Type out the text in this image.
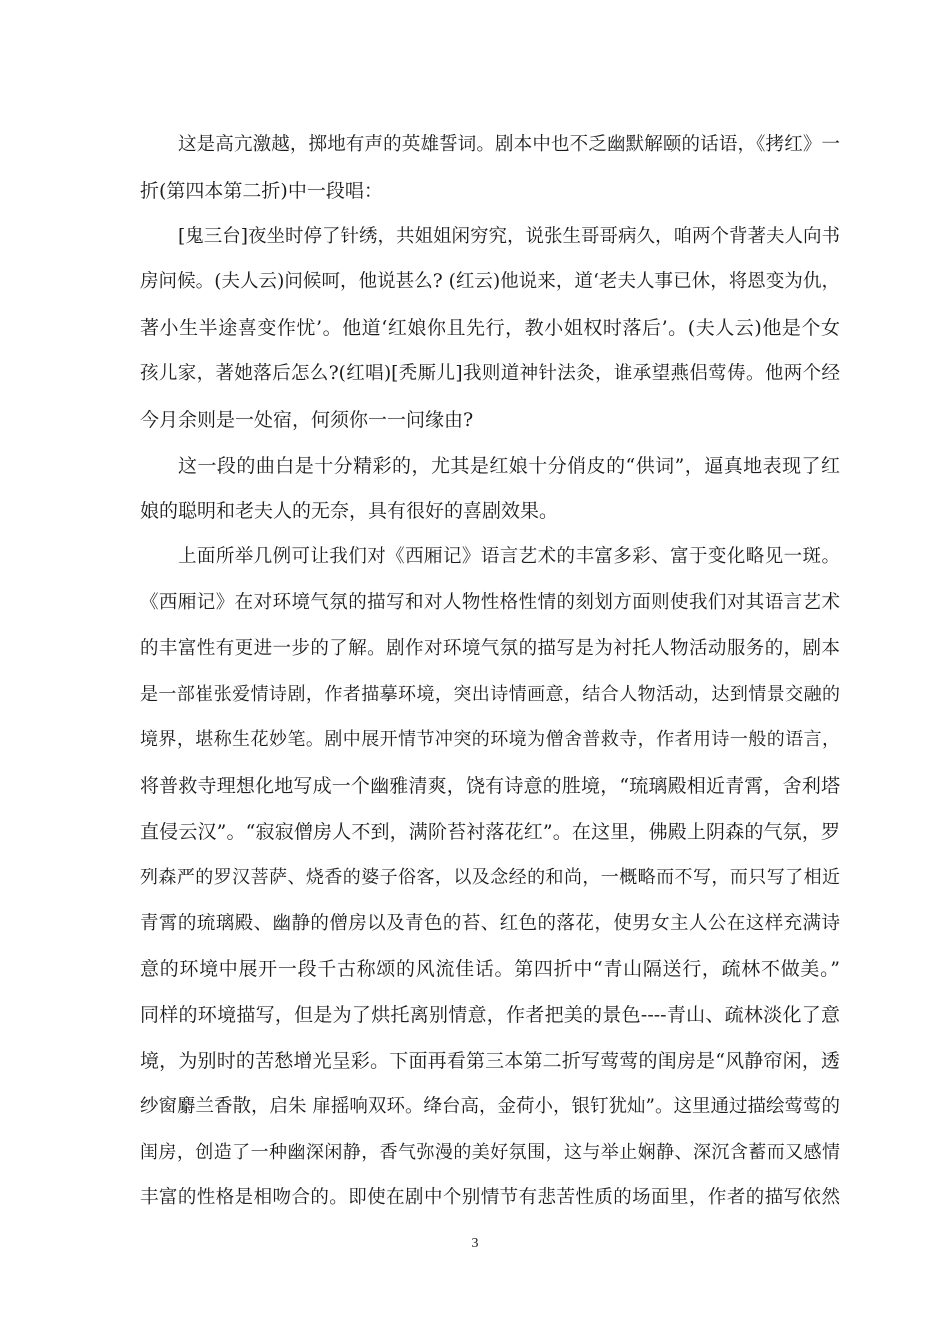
这是高亢激越，掷地有声的英雄誓词。剧本中也不乏幽默解颐的话语，《拷红》一
折(第四本第二折)中一段唱：
[鬼三台]夜坐时停了针绣，共姐姐闲穷究，说张生哥哥病久，咱两个背著夫人向书
房问候。(夫人云)问候呵，他说甚么? (红云)他说来，道‘老夫人事已休，将恩变为仇，
著小生半途喜变作忧’。他道‘红娘你且先行，教小姐权时落后’。(夫人云)他是个女
孩儿家，著她落后怎么?(红唱)[秃厮儿]我则道神针法灸，谁承望燕侣莺俦。他两个经
今月余则是一处宿，何须你一一问缘由?
这一段的曲白是十分精彩的，尤其是红娘十分俏皮的“供词”，逼真地表现了红
娘的聪明和老夫人的无奈，具有很好的喜剧效果。
上面所举几例可让我们对《西厢记》语言艺术的丰富多彩、富于变化略见一斑。
《西厢记》在对环境气氛的描写和对人物性格性情的刻划方面则使我们对其语言艺术
的丰富性有更进一步的了解。剧作对环境气氛的描写是为衬托人物活动服务的，剧本
是一部崔张爱情诗剧，作者描摹环境，突出诗情画意，结合人物活动，达到情景交融的
境界，堪称生花妙笔。剧中展开情节冲突的环境为僧舍普救寺，作者用诗一般的语言，
将普救寺理想化地写成一个幽雅清爽，饶有诗意的胜境，“琉璃殿相近青霄，舍利塔
直侵云汉”。“寂寂僧房人不到，满阶苔衬落花红”。在这里，佛殿上阴森的气氛，罗
列森严的罗汉菩萨、烧香的婆子俗客，以及念经的和尚，一概略而不写，而只写了相近
青霄的琉璃殿、幽静的僧房以及青色的苔、红色的落花，使男女主人公在这样充满诗
意的环境中展开一段千古称颂的风流佳话。第四折中“青山隔送行，疏林不做美。”
同样的环境描写，但是为了烘托离别情意，作者把美的景色----青山、疏林淡化了意
境，为别时的苦愁增光呈彩。下面再看第三本第二折写莺莺的闺房是“风静帘闲，透
纱窗麝兰香散，启朱 扉摇响双环。绛台高，金荷小，银钉犹灿”。这里通过描绘莺莺的
闺房，创造了一种幽深闲静，香气弥漫的美好氛围，这与举止娴静、深沉含蓄而又感情
丰富的性格是相吻合的。即使在剧中个别情节有悲苦性质的场面里，作者的描写依然
3
